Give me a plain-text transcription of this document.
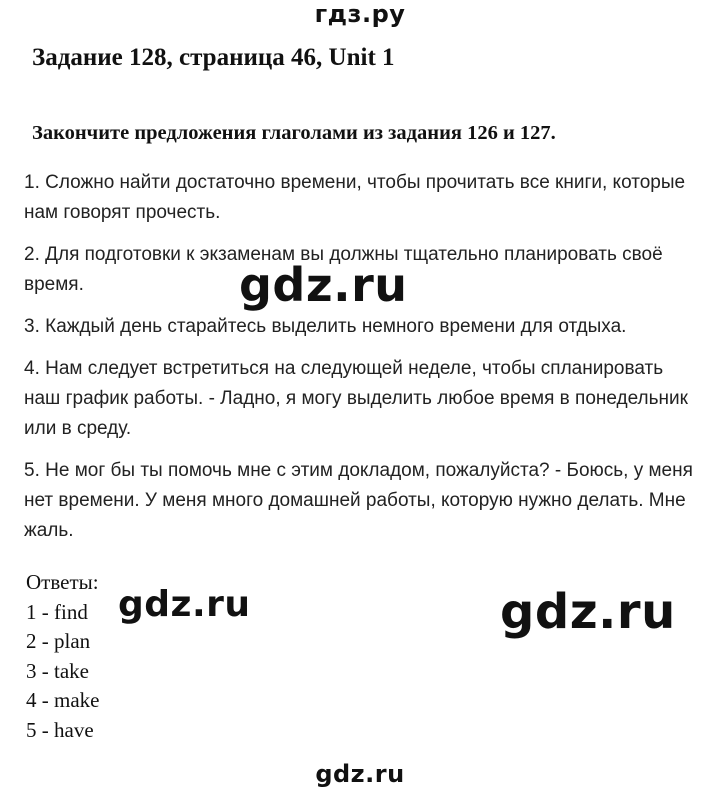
гдз.ру
Задание 128, страница 46, Unit 1
Закончите предложения глаголами из задания 126 и 127.
1. Сложно найти достаточно времени, чтобы прочитать все книги, которые нам говорят прочесть.
2. Для подготовки к экзаменам вы должны тщательно планировать своё время.
3. Каждый день старайтесь выделить немного времени для отдыха.
4. Нам следует встретиться на следующей неделе, чтобы спланировать наш график работы. - Ладно, я могу выделить любое время в понедельник или в среду.
5. Не мог бы ты помочь мне с этим докладом, пожалуйста? - Боюсь, у меня нет времени. У меня много домашней работы, которую нужно делать. Мне жаль.
gdz.ru
Ответы:
1 - find
2 - plan
3 - take
4 - make
5 - have
gdz.ru	gdz.ru
gdz.ru
